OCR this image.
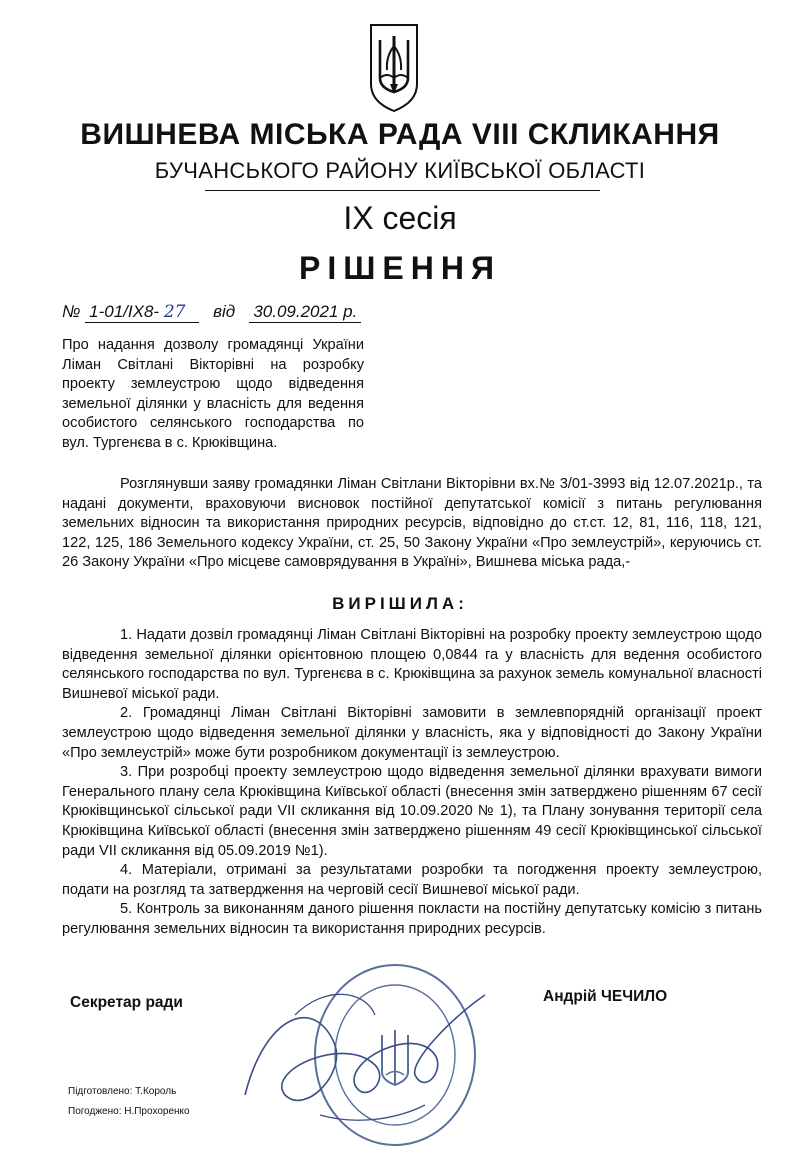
ВИШНЕВА МІСЬКА РАДА VIII СКЛИКАННЯ
БУЧАНСЬКОГО РАЙОНУ КИЇВСЬКОЇ ОБЛАСТІ
ІХ сесія
РІШЕННЯ
№ 1-01/ІХ8- 27 від 30.09.2021 р.
Про надання дозволу громадянці України Ліман Світлані Вікторівні на розробку проекту землеустрою щодо відведення земельної ділянки у власність для ведення особистого селянського господарства по вул. Тургенєва в с. Крюківщина.

Розглянувши заяву громадянки Ліман Світлани Вікторівни вх.№ 3/01-3993 від 12.07.2021р., та надані документи, враховуючи висновок постійної депутатської комісії з питань регулювання земельних відносин та використання природних ресурсів, відповідно до ст.ст. 12, 81, 116, 118, 121, 122, 125, 186 Земельного кодексу України, ст. 25, 50 Закону України «Про землеустрій», керуючись ст. 26 Закону України «Про місцеве самоврядування в Україні», Вишнева міська рада,-

ВИРІШИЛА:

1. Надати дозвіл громадянці Ліман Світлані Вікторівні на розробку проекту землеустрою щодо відведення земельної ділянки орієнтовною площею 0,0844 га у власність для ведення особистого селянського господарства по вул. Тургенєва в с. Крюківщина за рахунок земель комунальної власності Вишневої міської ради.

2. Громадянці Ліман Світлані Вікторівні замовити в землевпорядній організації проект землеустрою щодо відведення земельної ділянки у власність, яка у відповідності до Закону України «Про землеустрій» може бути розробником документації із землеустрою.

3. При розробці проекту землеустрою щодо відведення земельної ділянки врахувати вимоги Генерального плану села Крюківщина Київської області (внесення змін затверджено рішенням 67 сесії Крюківщинської сільської ради VII скликання від 10.09.2020 № 1), та Плану зонування території села Крюківщина Київської області (внесення змін затверджено рішенням 49 сесії Крюківщинської сільської ради VII скликання від 05.09.2019 №1).

4. Матеріали, отримані за результатами розробки та погодження проекту землеустрою, подати на розгляд та затвердження на черговій сесії Вишневої міської ради.

5. Контроль за виконанням даного рішення покласти на постійну депутатську комісію з питань регулювання земельних відносин та використання природних ресурсів.

Секретар ради	Андрій ЧЕЧИЛО
Підготовлено: Т.Король
Погоджено: Н.Прохоренко
